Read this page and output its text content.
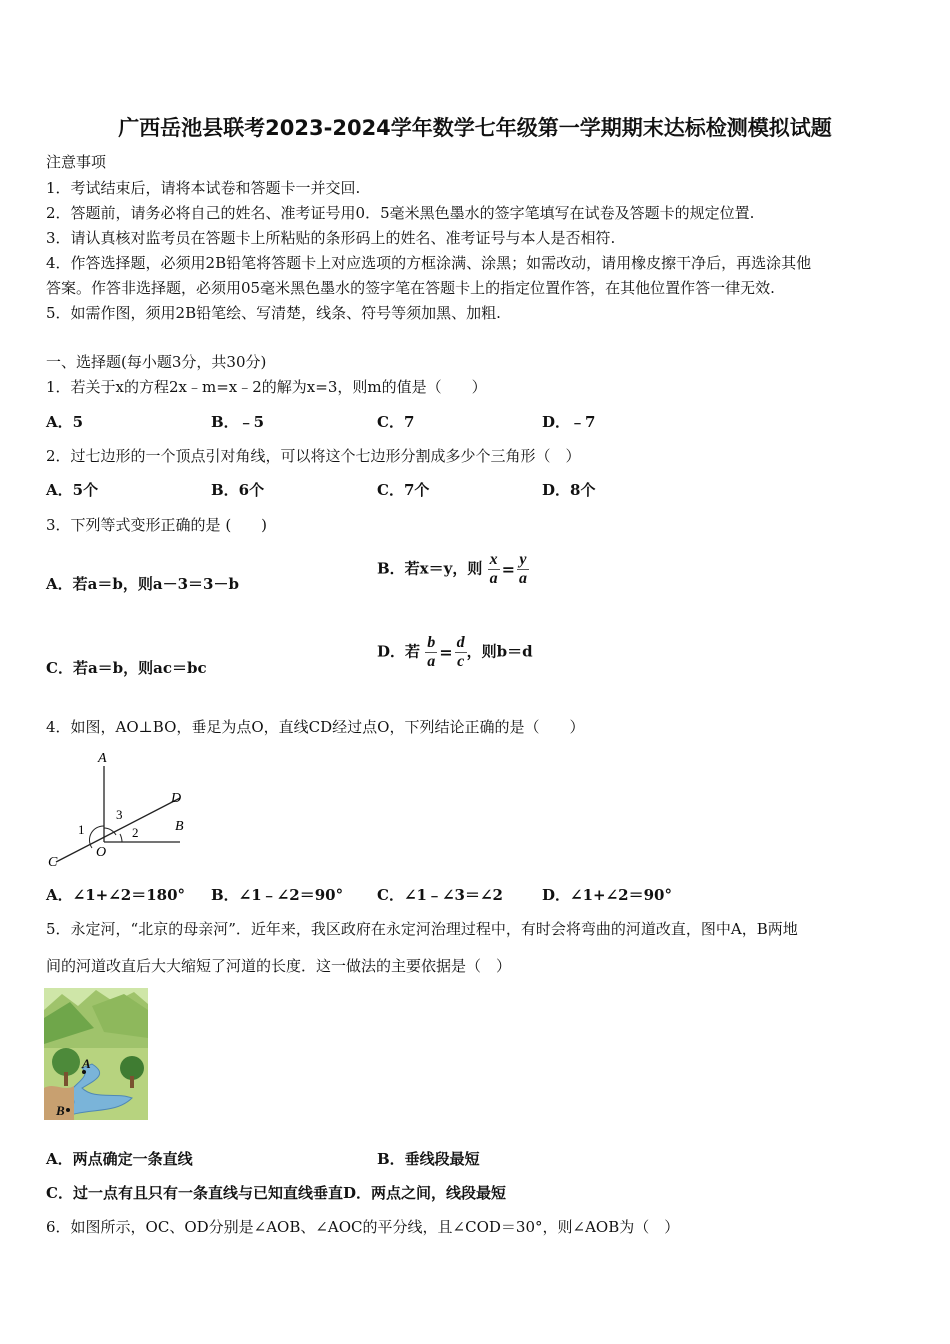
广西岳池县联考2023-2024学年数学七年级第一学期期末达标检测模拟试题
注意事项
1．考试结束后，请将本试卷和答题卡一并交回.
2．答题前，请务必将自己的姓名、准考证号用0．5毫米黑色墨水的签字笔填写在试卷及答题卡的规定位置.
3．请认真核对监考员在答题卡上所粘贴的条形码上的姓名、准考证号与本人是否相符.
4．作答选择题，必须用2B铅笔将答题卡上对应选项的方框涂满、涂黑；如需改动，请用橡皮擦干净后，再选涂其他
答案。作答非选择题，必须用05毫米黑色墨水的签字笔在答题卡上的指定位置作答，在其他位置作答一律无效.
5．如需作图，须用2B铅笔绘、写清楚，线条、符号等须加黑、加粗.
一、选择题(每小题3分，共30分)
1．若关于x的方程2x﹣m=x﹣2的解为x=3，则m的值是（　　）
A．5	B．﹣5	C．7	D．﹣7
2．过七边形的一个顶点引对角线，可以将这个七边形分割成多少个三角形（　）
A．5个	B．6个	C．7个	D．8个
3．下列等式变形正确的是 (　　)
A．若a＝b，则a－3＝3－b
B．若x＝y，则 $\frac{x}{a} = \frac{y}{a}$
C．若a＝b，则ac＝bc
D．若 $\frac{b}{a} = \frac{d}{c}$ ，则b＝d
4．如图，AO⊥BO，垂足为点O，直线CD经过点O，下列结论正确的是（　　）
A
B
C
D
O
1	2
3
A．∠1+∠2＝180° B．∠1﹣∠2＝90° C．∠1﹣∠3＝∠2	D．∠1+∠2＝90°
5．永定河，“北京的母亲河”．近年来，我区政府在永定河治理过程中，有时会将弯曲的河道改直，图中A，B两地
间的河道改直后大大缩短了河道的长度．这一做法的主要依据是（　）
A
B
A．两点确定一条直线	B．垂线段最短
C．过一点有且只有一条直线与已知直线垂直D．两点之间，线段最短
6．如图所示，OC、OD分别是∠AOB、∠AOC的平分线，且∠COD＝30°，则∠AOB为（　）
